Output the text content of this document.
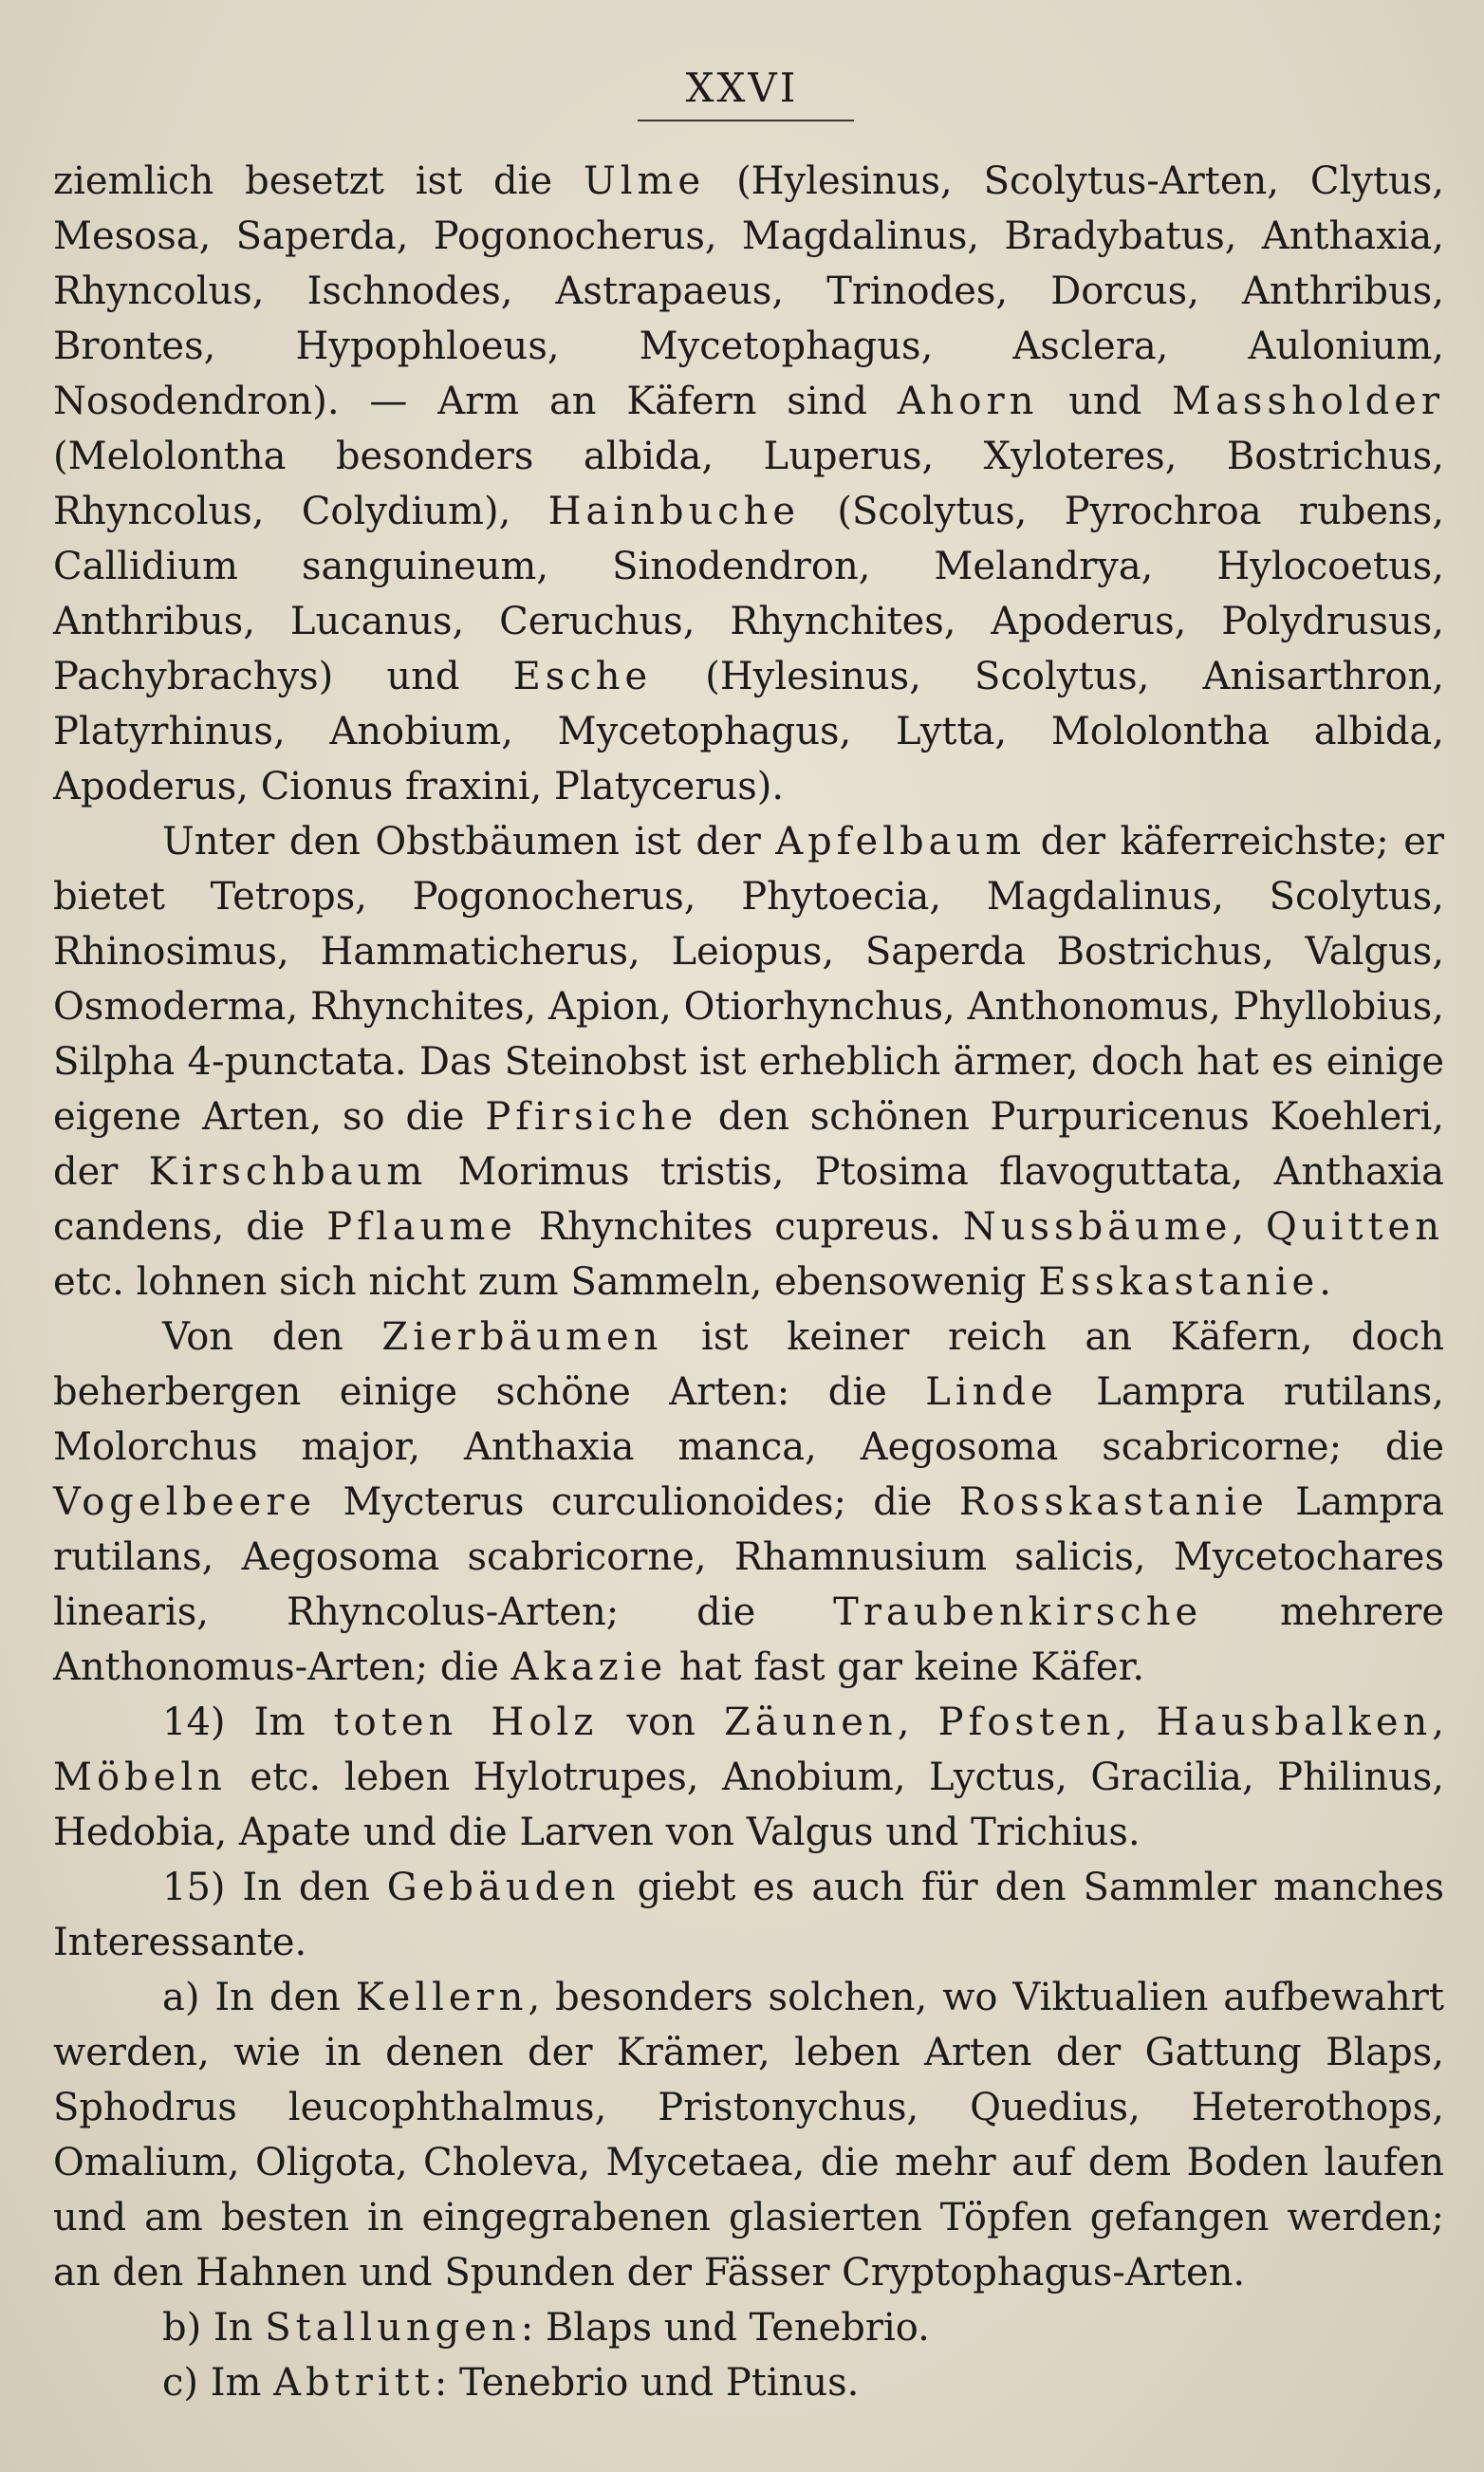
XXVI

ziemlich besetzt ist die Ulme (Hylesinus, Scolytus-Arten, Clytus, Mesosa, Saperda, Pogonocherus, Magdalinus, Bradybatus, Anthaxia, Rhyncolus, Ischnodes, Astrapaeus, Trinodes, Dorcus, Anthribus, Brontes, Hypophloeus, Mycetophagus, Asclera, Aulonium, Nosodendron). — Arm an Käfern sind Ahorn und Massholder (Melolontha besonders albida, Luperus, Xyloteres, Bostrichus, Rhyncolus, Colydium), Hainbuche (Scolytus, Pyrochroa rubens, Callidium sanguineum, Sinodendron, Melandrya, Hylocoetus, Anthribus, Lucanus, Ceruchus, Rhynchites, Apoderus, Polydrusus, Pachybrachys) und Esche (Hylesinus, Scolytus, Anisarthron, Platyrhinus, Anobium, Mycetophagus, Lytta, Mololontha albida, Apoderus, Cionus fraxini, Platycerus).

Unter den Obstbäumen ist der Apfelbaum der käferreichste; er bietet Tetrops, Pogonocherus, Phytoecia, Magdalinus, Scolytus, Rhinosimus, Hammaticherus, Leiopus, Saperda Bostrichus, Valgus, Osmoderma, Rhynchites, Apion, Otiorhynchus, Anthonomus, Phyllobius, Silpha 4-punctata. Das Steinobst ist erheblich ärmer, doch hat es einige eigene Arten, so die Pfirsiche den schönen Purpuricenus Koehleri, der Kirschbaum Morimus tristis, Ptosima flavoguttata, Anthaxia candens, die Pflaume Rhynchites cupreus. Nussbäume, Quitten etc. lohnen sich nicht zum Sammeln, ebensowenig Esskastanie.

Von den Zierbäumen ist keiner reich an Käfern, doch beherbergen einige schöne Arten: die Linde Lampra rutilans, Molorchus major, Anthaxia manca, Aegosoma scabricorne; die Vogelbeere Mycterus curculionoides; die Rosskastanie Lampra rutilans, Aegosoma scabricorne, Rhamnusium salicis, Mycetochares linearis, Rhyncolus-Arten; die Traubenkirsche mehrere Anthonomus-Arten; die Akazie hat fast gar keine Käfer.

14) Im toten Holz von Zäunen, Pfosten, Hausbalken, Möbeln etc. leben Hylotrupes, Anobium, Lyctus, Gracilia, Philinus, Hedobia, Apate und die Larven von Valgus und Trichius.

15) In den Gebäuden giebt es auch für den Sammler manches Interessante.

a) In den Kellern, besonders solchen, wo Viktualien aufbewahrt werden, wie in denen der Krämer, leben Arten der Gattung Blaps, Sphodrus leucophthalmus, Pristonychus, Quedius, Heterothops, Omalium, Oligota, Choleva, Mycetaea, die mehr auf dem Boden laufen und am besten in eingegrabenen glasierten Töpfen gefangen werden; an den Hahnen und Spunden der Fässer Cryptophagus-Arten.

b) In Stallungen: Blaps und Tenebrio.

c) Im Abtritt: Tenebrio und Ptinus.
